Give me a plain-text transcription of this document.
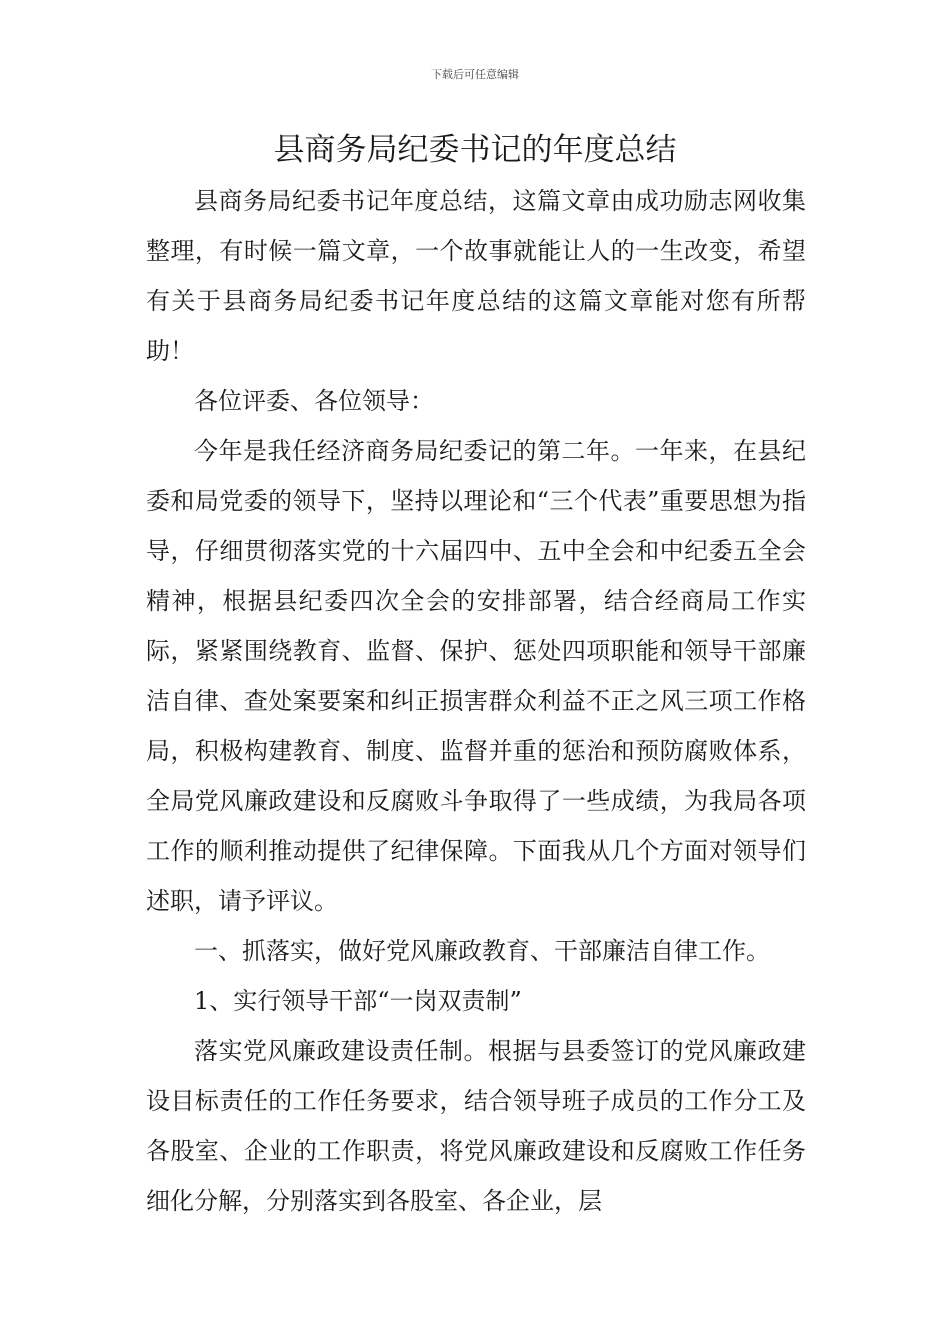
下载后可任意编辑
县商务局纪委书记的年度总结

县商务局纪委书记年度总结，这篇文章由成功励志网收集整理，有时候一篇文章，一个故事就能让人的一生改变，希望有关于县商务局纪委书记年度总结的这篇文章能对您有所帮助！

各位评委、各位领导：

今年是我任经济商务局纪委记的第二年。一年来，在县纪委和局党委的领导下，坚持以理论和“三个代表”重要思想为指导，仔细贯彻落实党的十六届四中、五中全会和中纪委五全会精神，根据县纪委四次全会的安排部署，结合经商局工作实际，紧紧围绕教育、监督、保护、惩处四项职能和领导干部廉洁自律、查处案要案和纠正损害群众利益不正之风三项工作格局，积极构建教育、制度、监督并重的惩治和预防腐败体系，全局党风廉政建设和反腐败斗争取得了一些成绩，为我局各项工作的顺利推动提供了纪律保障。下面我从几个方面对领导们述职，请予评议。

一、抓落实，做好党风廉政教育、干部廉洁自律工作。

1、实行领导干部“一岗双责制”

落实党风廉政建设责任制。根据与县委签订的党风廉政建设目标责任的工作任务要求，结合领导班子成员的工作分工及各股室、企业的工作职责，将党风廉政建设和反腐败工作任务细化分解，分别落实到各股室、各企业，层
